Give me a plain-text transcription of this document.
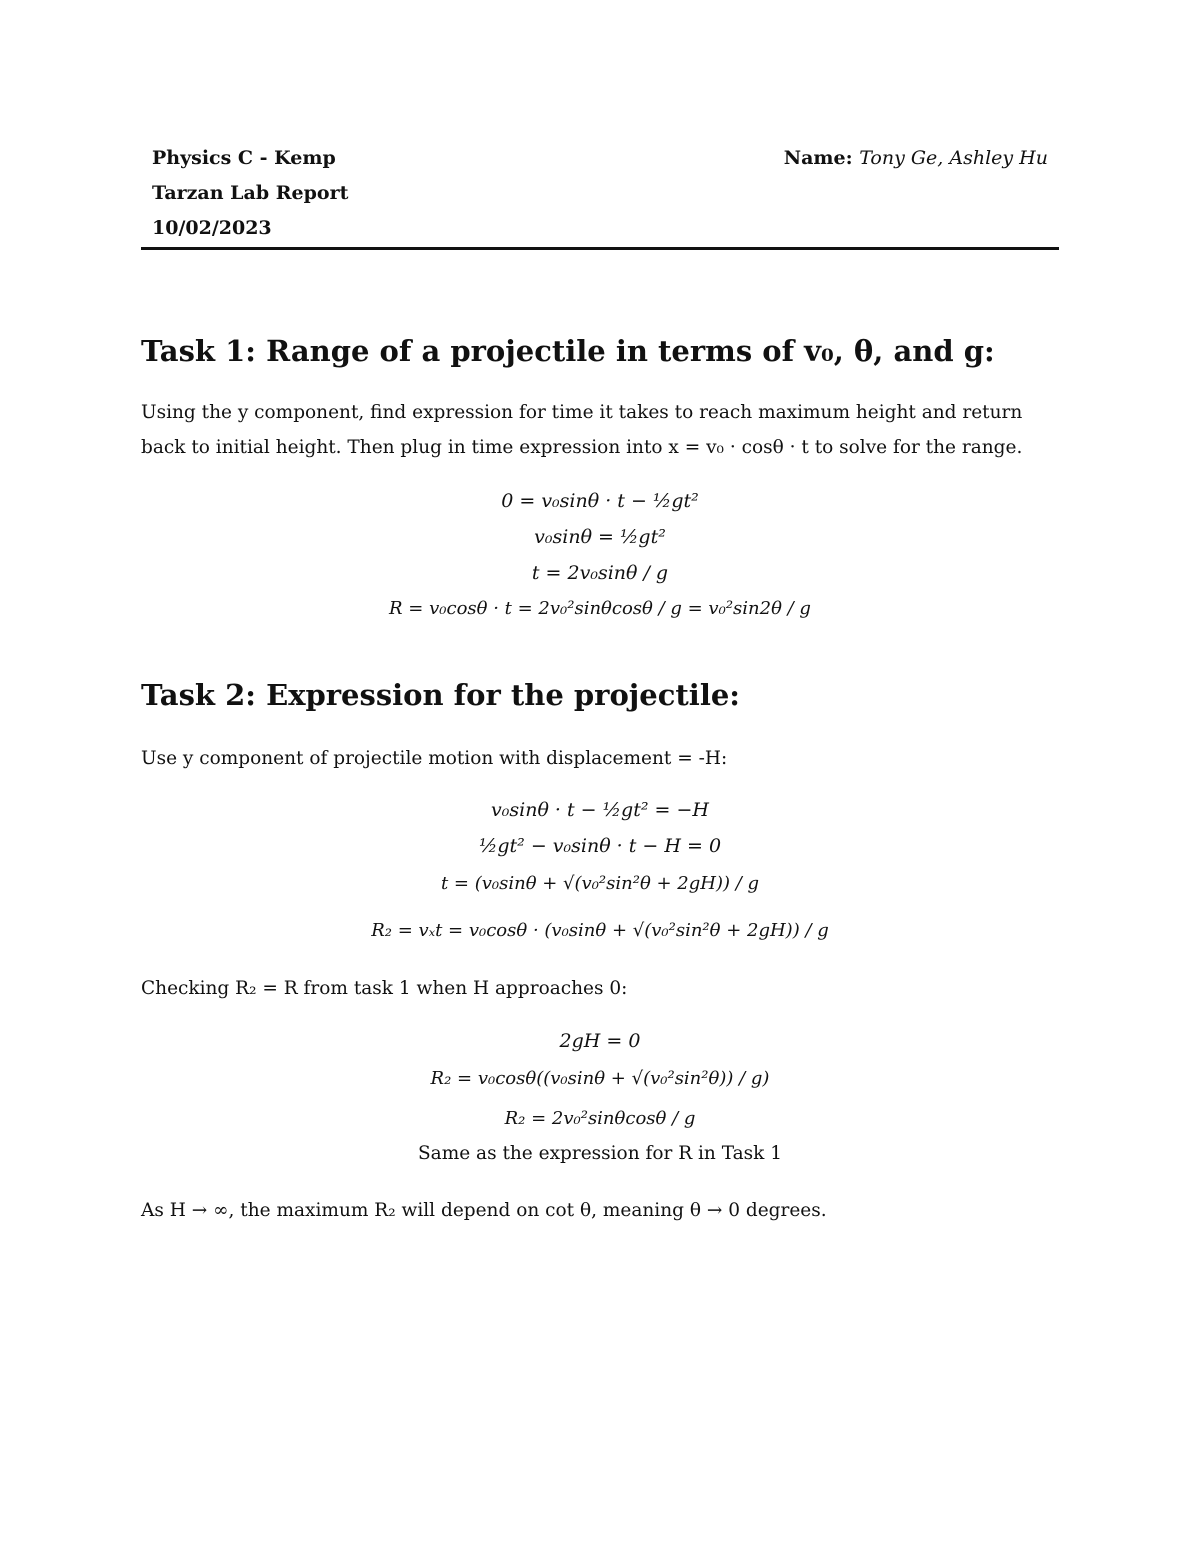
Physics C - Kemp
Tarzan Lab Report
10/02/2023
Name: Tony Ge, Ashley Hu
Task 1: Range of a projectile in terms of v₀, θ, and g:
Using the y component, find expression for time it takes to reach maximum height and return
back to initial height. Then plug in time expression into x = v₀ · cosθ · t to solve for the range.
0 = v₀sinθ · t − ½gt²
v₀sinθ = ½gt²
t = 2v₀sinθ / g
R = v₀cosθ · t = 2v₀²sinθcosθ / g = v₀²sin2θ / g
Task 2: Expression for the projectile:
Use y component of projectile motion with displacement = -H:
v₀sinθ · t − ½gt² = −H
½gt² − v₀sinθ · t − H = 0
t = (v₀sinθ + √(v₀²sin²θ + 2gH)) / g
R₂ = vₓt = v₀cosθ · (v₀sinθ + √(v₀²sin²θ + 2gH)) / g
Checking R₂ = R from task 1 when H approaches 0:
2gH = 0
R₂ = v₀cosθ((v₀sinθ + √(v₀²sin²θ)) / g)
R₂ = 2v₀²sinθcosθ / g
Same as the expression for R in Task 1
As H → ∞, the maximum R₂ will depend on cot θ, meaning θ → 0 degrees.
